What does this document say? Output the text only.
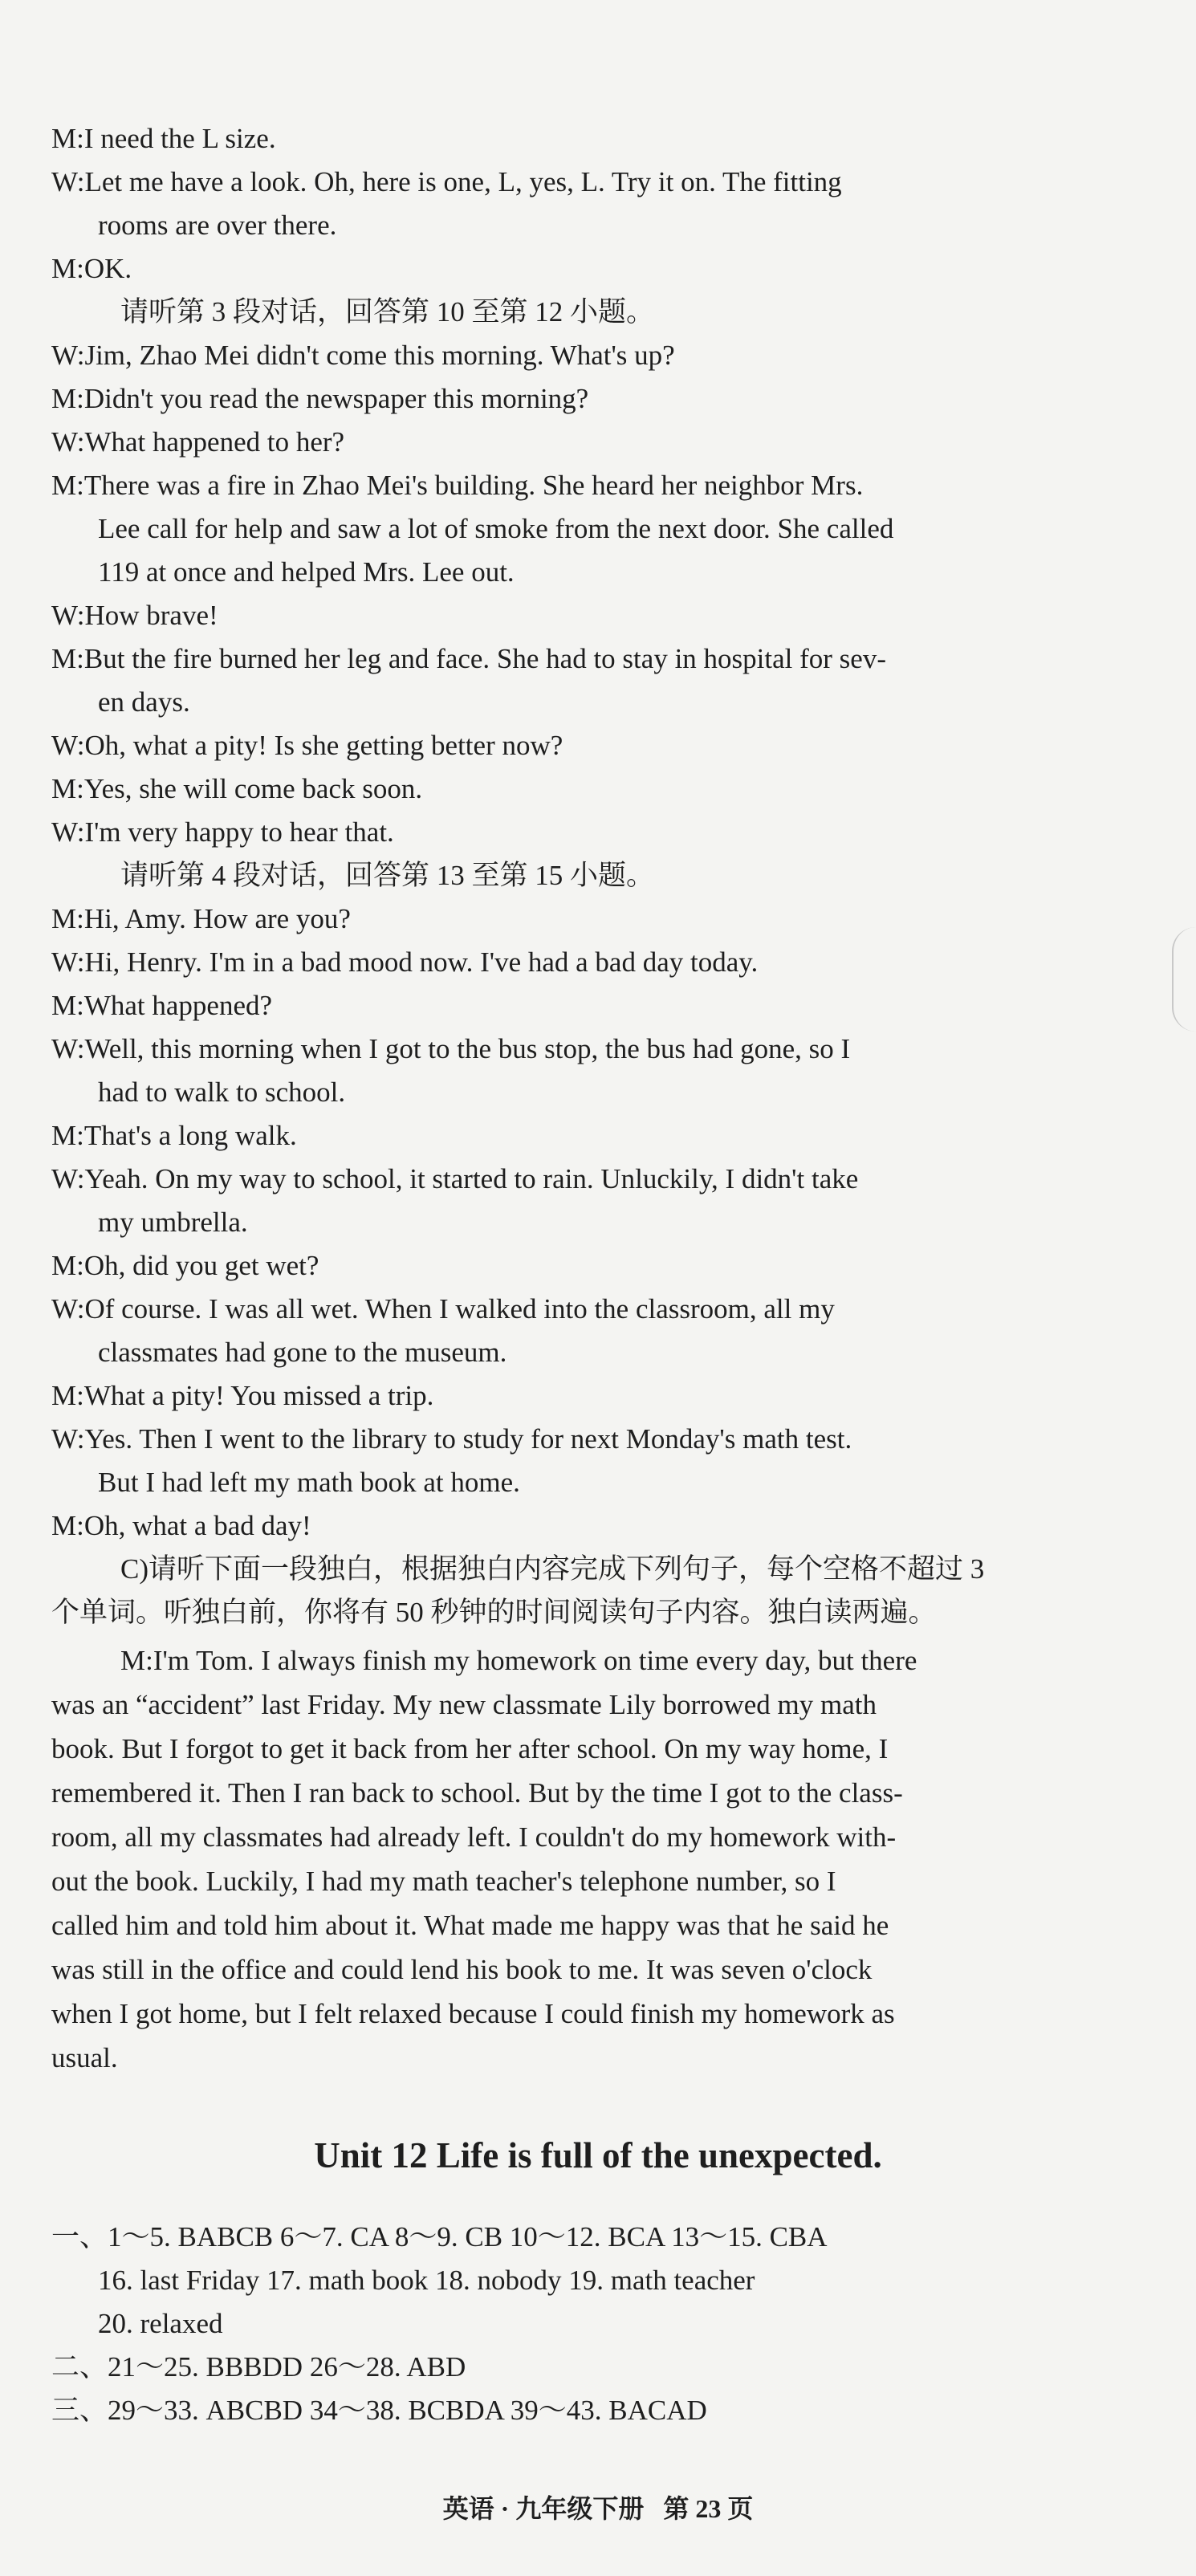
M:I need the L size.
W:Let me have a look. Oh, here is one, L, yes, L. Try it on. The fitting
rooms are over there.
M:OK.
请听第 3 段对话，回答第 10 至第 12 小题。
W:Jim, Zhao Mei didn't come this morning. What's up?
M:Didn't you read the newspaper this morning?
W:What happened to her?
M:There was a fire in Zhao Mei's building. She heard her neighbor Mrs.
Lee call for help and saw a lot of smoke from the next door. She called
119 at once and helped Mrs. Lee out.
W:How brave!
M:But the fire burned her leg and face. She had to stay in hospital for sev-
en days.
W:Oh, what a pity! Is she getting better now?
M:Yes, she will come back soon.
W:I'm very happy to hear that.
请听第 4 段对话，回答第 13 至第 15 小题。
M:Hi, Amy. How are you?
W:Hi, Henry. I'm in a bad mood now. I've had a bad day today.
M:What happened?
W:Well, this morning when I got to the bus stop, the bus had gone, so I
had to walk to school.
M:That's a long walk.
W:Yeah. On my way to school, it started to rain. Unluckily, I didn't take
my umbrella.
M:Oh, did you get wet?
W:Of course. I was all wet. When I walked into the classroom, all my
classmates had gone to the museum.
M:What a pity! You missed a trip.
W:Yes. Then I went to the library to study for next Monday's math test.
But I had left my math book at home.
M:Oh, what a bad day!
C)请听下面一段独白，根据独白内容完成下列句子，每个空格不超过 3
个单词。听独白前，你将有 50 秒钟的时间阅读句子内容。独白读两遍。
M:I'm Tom. I always finish my homework on time every day, but there
was an “accident” last Friday. My new classmate Lily borrowed my math
book. But I forgot to get it back from her after school. On my way home, I
remembered it. Then I ran back to school. But by the time I got to the class-
room, all my classmates had already left. I couldn't do my homework with-
out the book. Luckily, I had my math teacher's telephone number, so I
called him and told him about it. What made me happy was that he said he
was still in the office and could lend his book to me. It was seven o'clock
when I got home, but I felt relaxed because I could finish my homework as
usual.
Unit 12 Life is full of the unexpected.
一、1～5. BABCB 6～7. CA 8～9. CB 10～12. BCA 13～15. CBA
16. last Friday 17. math book 18. nobody 19. math teacher
20. relaxed
二、21～25. BBBDD 26～28. ABD
三、29～33. ABCBD 34～38. BCBDA 39～43. BACAD
英语 · 九年级下册 第 23 页
